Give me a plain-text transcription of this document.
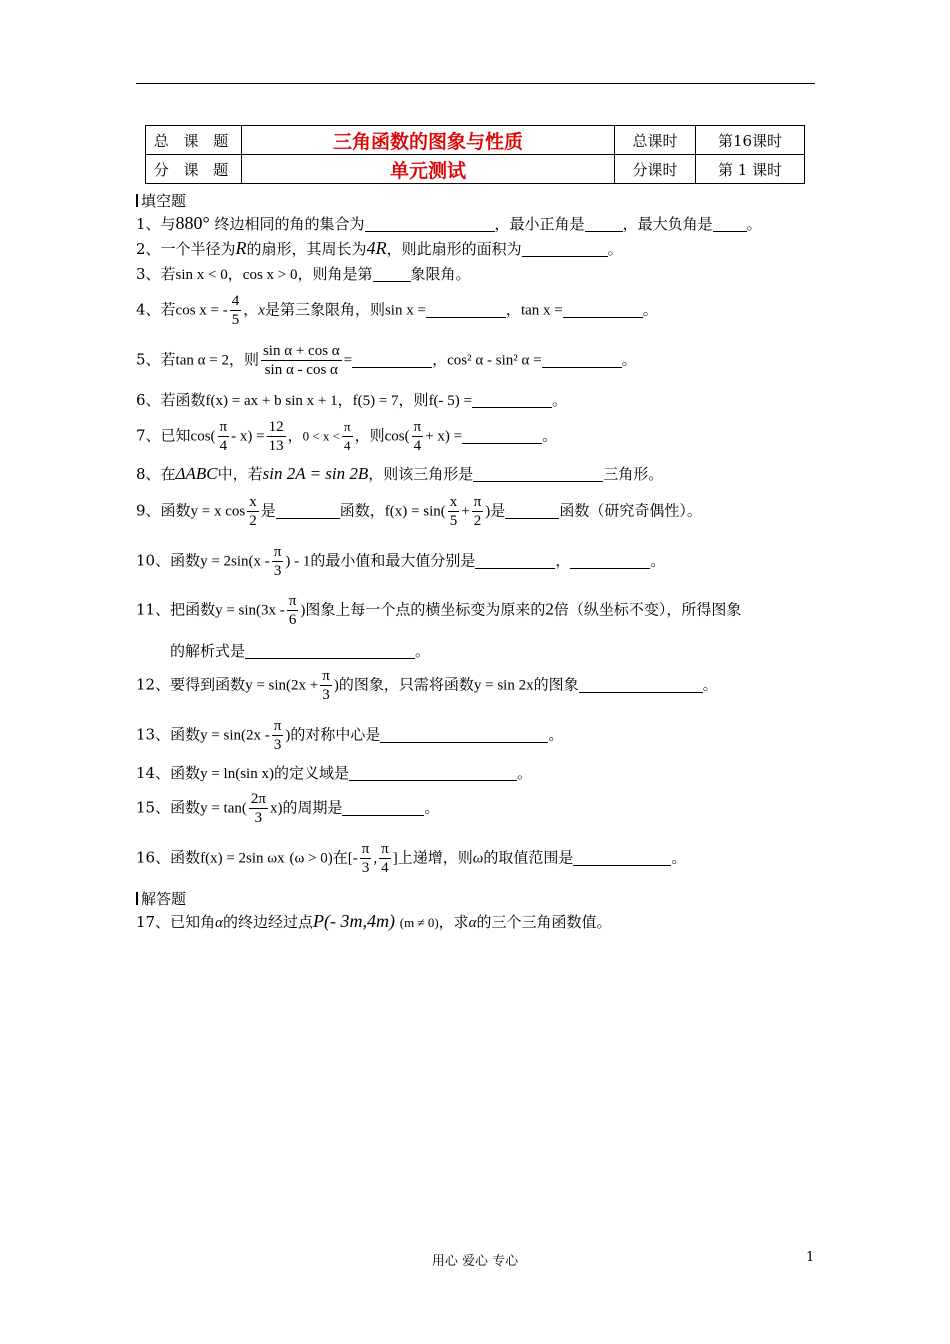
总 课 题	三角函数的图象与性质	总课时	第16课时
分 课 题	单元测试	分课时	第 1 课时
填空题
1、与880° 终边相同的角的集合为	，最小正角是	，最大负角是 。
2、一个半径为R的扇形，其周长为4R，则此扇形的面积为	。
3、若sin x < 0，cos x > 0，则角是第	象限角。
4、若cos x = - $\frac{4}{5}$ ，x是第三象限角，则sin x =	，tan x =	。
5、若tan α = 2，则 $\frac{\text{sin α + cos α}}{\text{sin α - cos α}}$ =	，cos² α - sin² α =	。
6、若函数f(x) = ax + b sin x + 1，f(5) = 7，则f(- 5) =	。
7、已知$\cos( \frac{\pi}{4} - x) = \frac{12}{13}$ ，$0 < x < \frac{\pi}{4}$ ，则$\cos( \frac{\pi}{4} + x)$ =	。
8、在ΔABC中，若sin 2A = sin 2B，则该三角形是	三角形。
9、函数y = x $\cos \frac{x}{2}$ 是	函数，$f(x) = \sin( \frac{x}{5} + \frac{\pi}{2}$ )是	函数（研究奇偶性）。
10、函数$y = 2\sin(x - \frac{\pi}{3}$ ) - 1的最小值和最大值分别是	，	。
11、把函数$y = \sin(3x - \frac{\pi}{6}$ )图象上每一个点的横坐标变为原来的2倍（纵坐标不变），所得图象
的解析式是	。
12、要得到函数$y = \sin(2x + \frac{\pi}{3}$ )的图象，只需将函数y = sin 2x的图象	。
13、函数$y = \sin(2x - \frac{\pi}{3}$ )的对称中心是	。
14、函数y = ln(sin x)的定义域是	。
15、函数$y = \tan( \frac{2\pi}{3} x)$的周期是	。
16、函数f(x) = 2sin ωx (ω > 0)在[- $\frac{\pi}{3}$ , $\frac{\pi}{4}$ ]上递增，则ω的取值范围是	。
解答题
17、已知角α的终边经过点P(- 3m,4m) (m ≠ 0)，求α的三个三角函数值。
用心 爱心 专心	1
